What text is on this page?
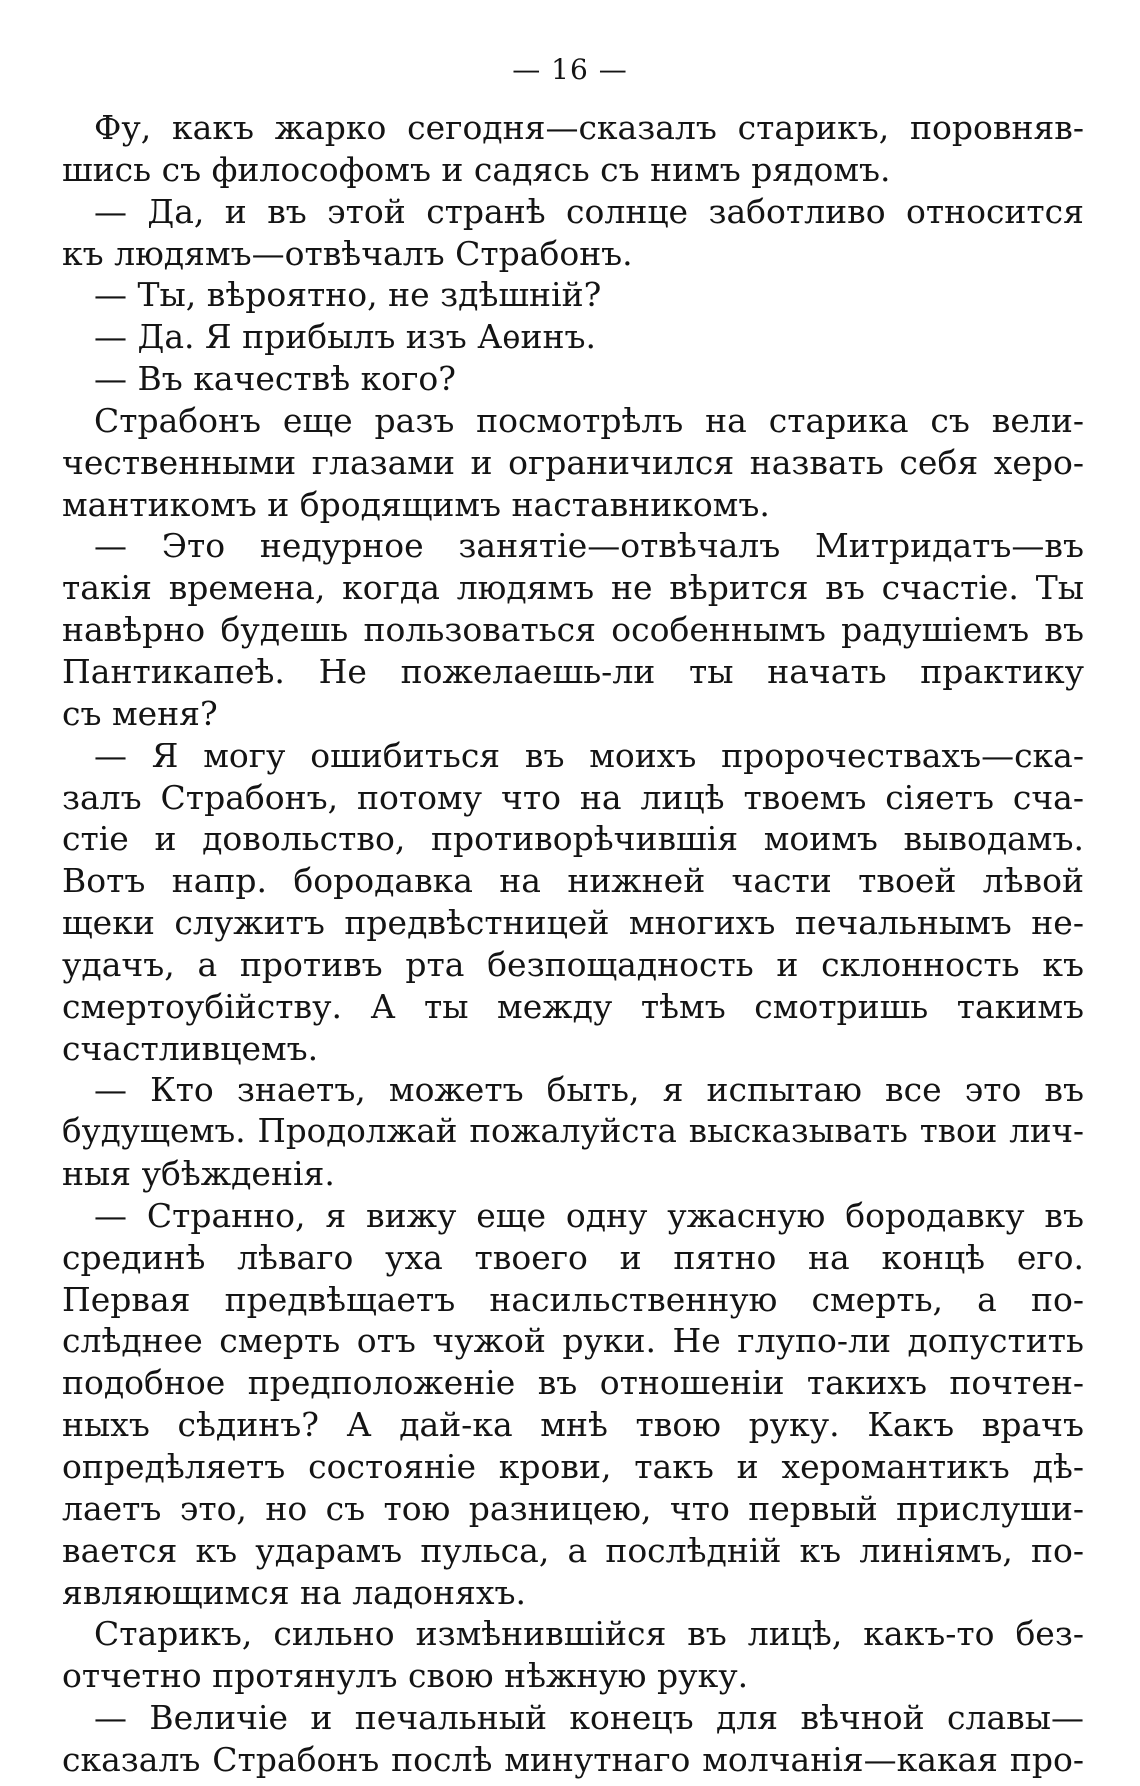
— 16 —
Фу, какъ жарко сегодня—сказалъ старикъ, поровняв-
шись съ философомъ и садясь съ нимъ рядомъ.
— Да, и въ этой странѣ солнце заботливо относится
къ людямъ—отвѣчалъ Страбонъ.
— Ты, вѣроятно, не здѣшній?
— Да. Я прибылъ изъ Аѳинъ.
— Въ качествѣ кого?
Страбонъ еще разъ посмотрѣлъ на старика съ вели-
чественными глазами и ограничился назвать себя херо-
мантикомъ и бродящимъ наставникомъ.
— Это недурное занятіе—отвѣчалъ Митридатъ—въ
такія времена, когда людямъ не вѣрится въ счастіе. Ты
навѣрно будешь пользоваться особеннымъ радушіемъ въ
Пантикапеѣ. Не пожелаешь-ли ты начать практику
съ меня?
— Я могу ошибиться въ моихъ пророчествахъ—ска-
залъ Страбонъ, потому что на лицѣ твоемъ сіяетъ сча-
стіе и довольство, противорѣчившія моимъ выводамъ.
Вотъ напр. бородавка на нижней части твоей лѣвой
щеки служитъ предвѣстницей многихъ печальнымъ не-
удачъ, а противъ рта безпощадность и склонность къ
смертоубійству. А ты между тѣмъ смотришь такимъ
счастливцемъ.
— Кто знаетъ, можетъ быть, я испытаю все это въ
будущемъ. Продолжай пожалуйста высказывать твои лич-
ныя убѣжденія.
— Странно, я вижу еще одну ужасную бородавку въ
срединѣ лѣваго уха твоего и пятно на концѣ его.
Первая предвѣщаетъ насильственную смерть, а по-
слѣднее смерть отъ чужой руки. Не глупо-ли допустить
подобное предположеніе въ отношеніи такихъ почтен-
ныхъ сѣдинъ? А дай-ка мнѣ твою руку. Какъ врачъ
опредѣляетъ состояніе крови, такъ и херомантикъ дѣ-
лаетъ это, но съ тою разницею, что первый прислуши-
вается къ ударамъ пульса, а послѣдній къ линіямъ, по-
являющимся на ладоняхъ.
Старикъ, сильно измѣнившійся въ лицѣ, какъ-то без-
отчетно протянулъ свою нѣжную руку.
— Величіе и печальный конецъ для вѣчной славы—
сказалъ Страбонъ послѣ минутнаго молчанія—какая про-
